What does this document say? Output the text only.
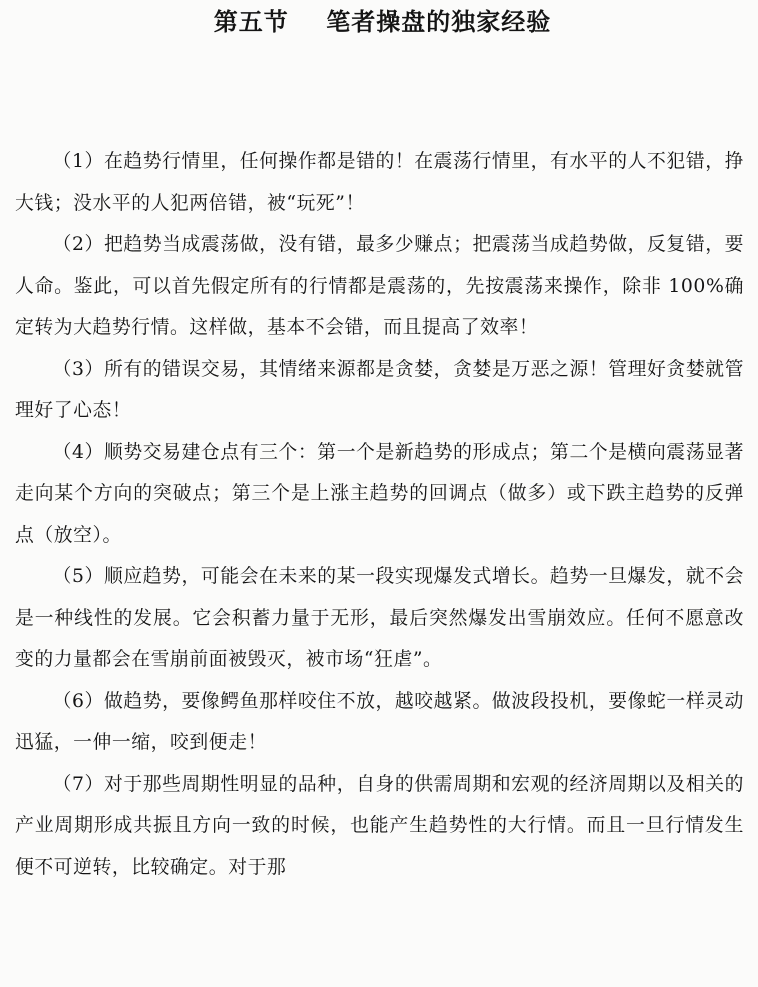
第五节    笔者操盘的独家经验

（1）在趋势行情里，任何操作都是错的！在震荡行情里，有水平的人不犯错，挣大钱；没水平的人犯两倍错，被“玩死”！

（2）把趋势当成震荡做，没有错，最多少赚点；把震荡当成趋势做，反复错，要人命。鉴此，可以首先假定所有的行情都是震荡的，先按震荡来操作，除非 100%确定转为大趋势行情。这样做，基本不会错，而且提高了效率！

（3）所有的错误交易，其情绪来源都是贪婪，贪婪是万恶之源！管理好贪婪就管理好了心态！

（4）顺势交易建仓点有三个：第一个是新趋势的形成点；第二个是横向震荡显著走向某个方向的突破点；第三个是上涨主趋势的回调点（做多）或下跌主趋势的反弹点（放空）。

（5）顺应趋势，可能会在未来的某一段实现爆发式增长。趋势一旦爆发，就不会是一种线性的发展。它会积蓄力量于无形，最后突然爆发出雪崩效应。任何不愿意改变的力量都会在雪崩前面被毁灭，被市场“狂虐”。

（6）做趋势，要像鳄鱼那样咬住不放，越咬越紧。做波段投机，要像蛇一样灵动迅猛，一伸一缩，咬到便走！

（7）对于那些周期性明显的品种，自身的供需周期和宏观的经济周期以及相关的产业周期形成共振且方向一致的时候，也能产生趋势性的大行情。而且一旦行情发生便不可逆转，比较确定。对于那
